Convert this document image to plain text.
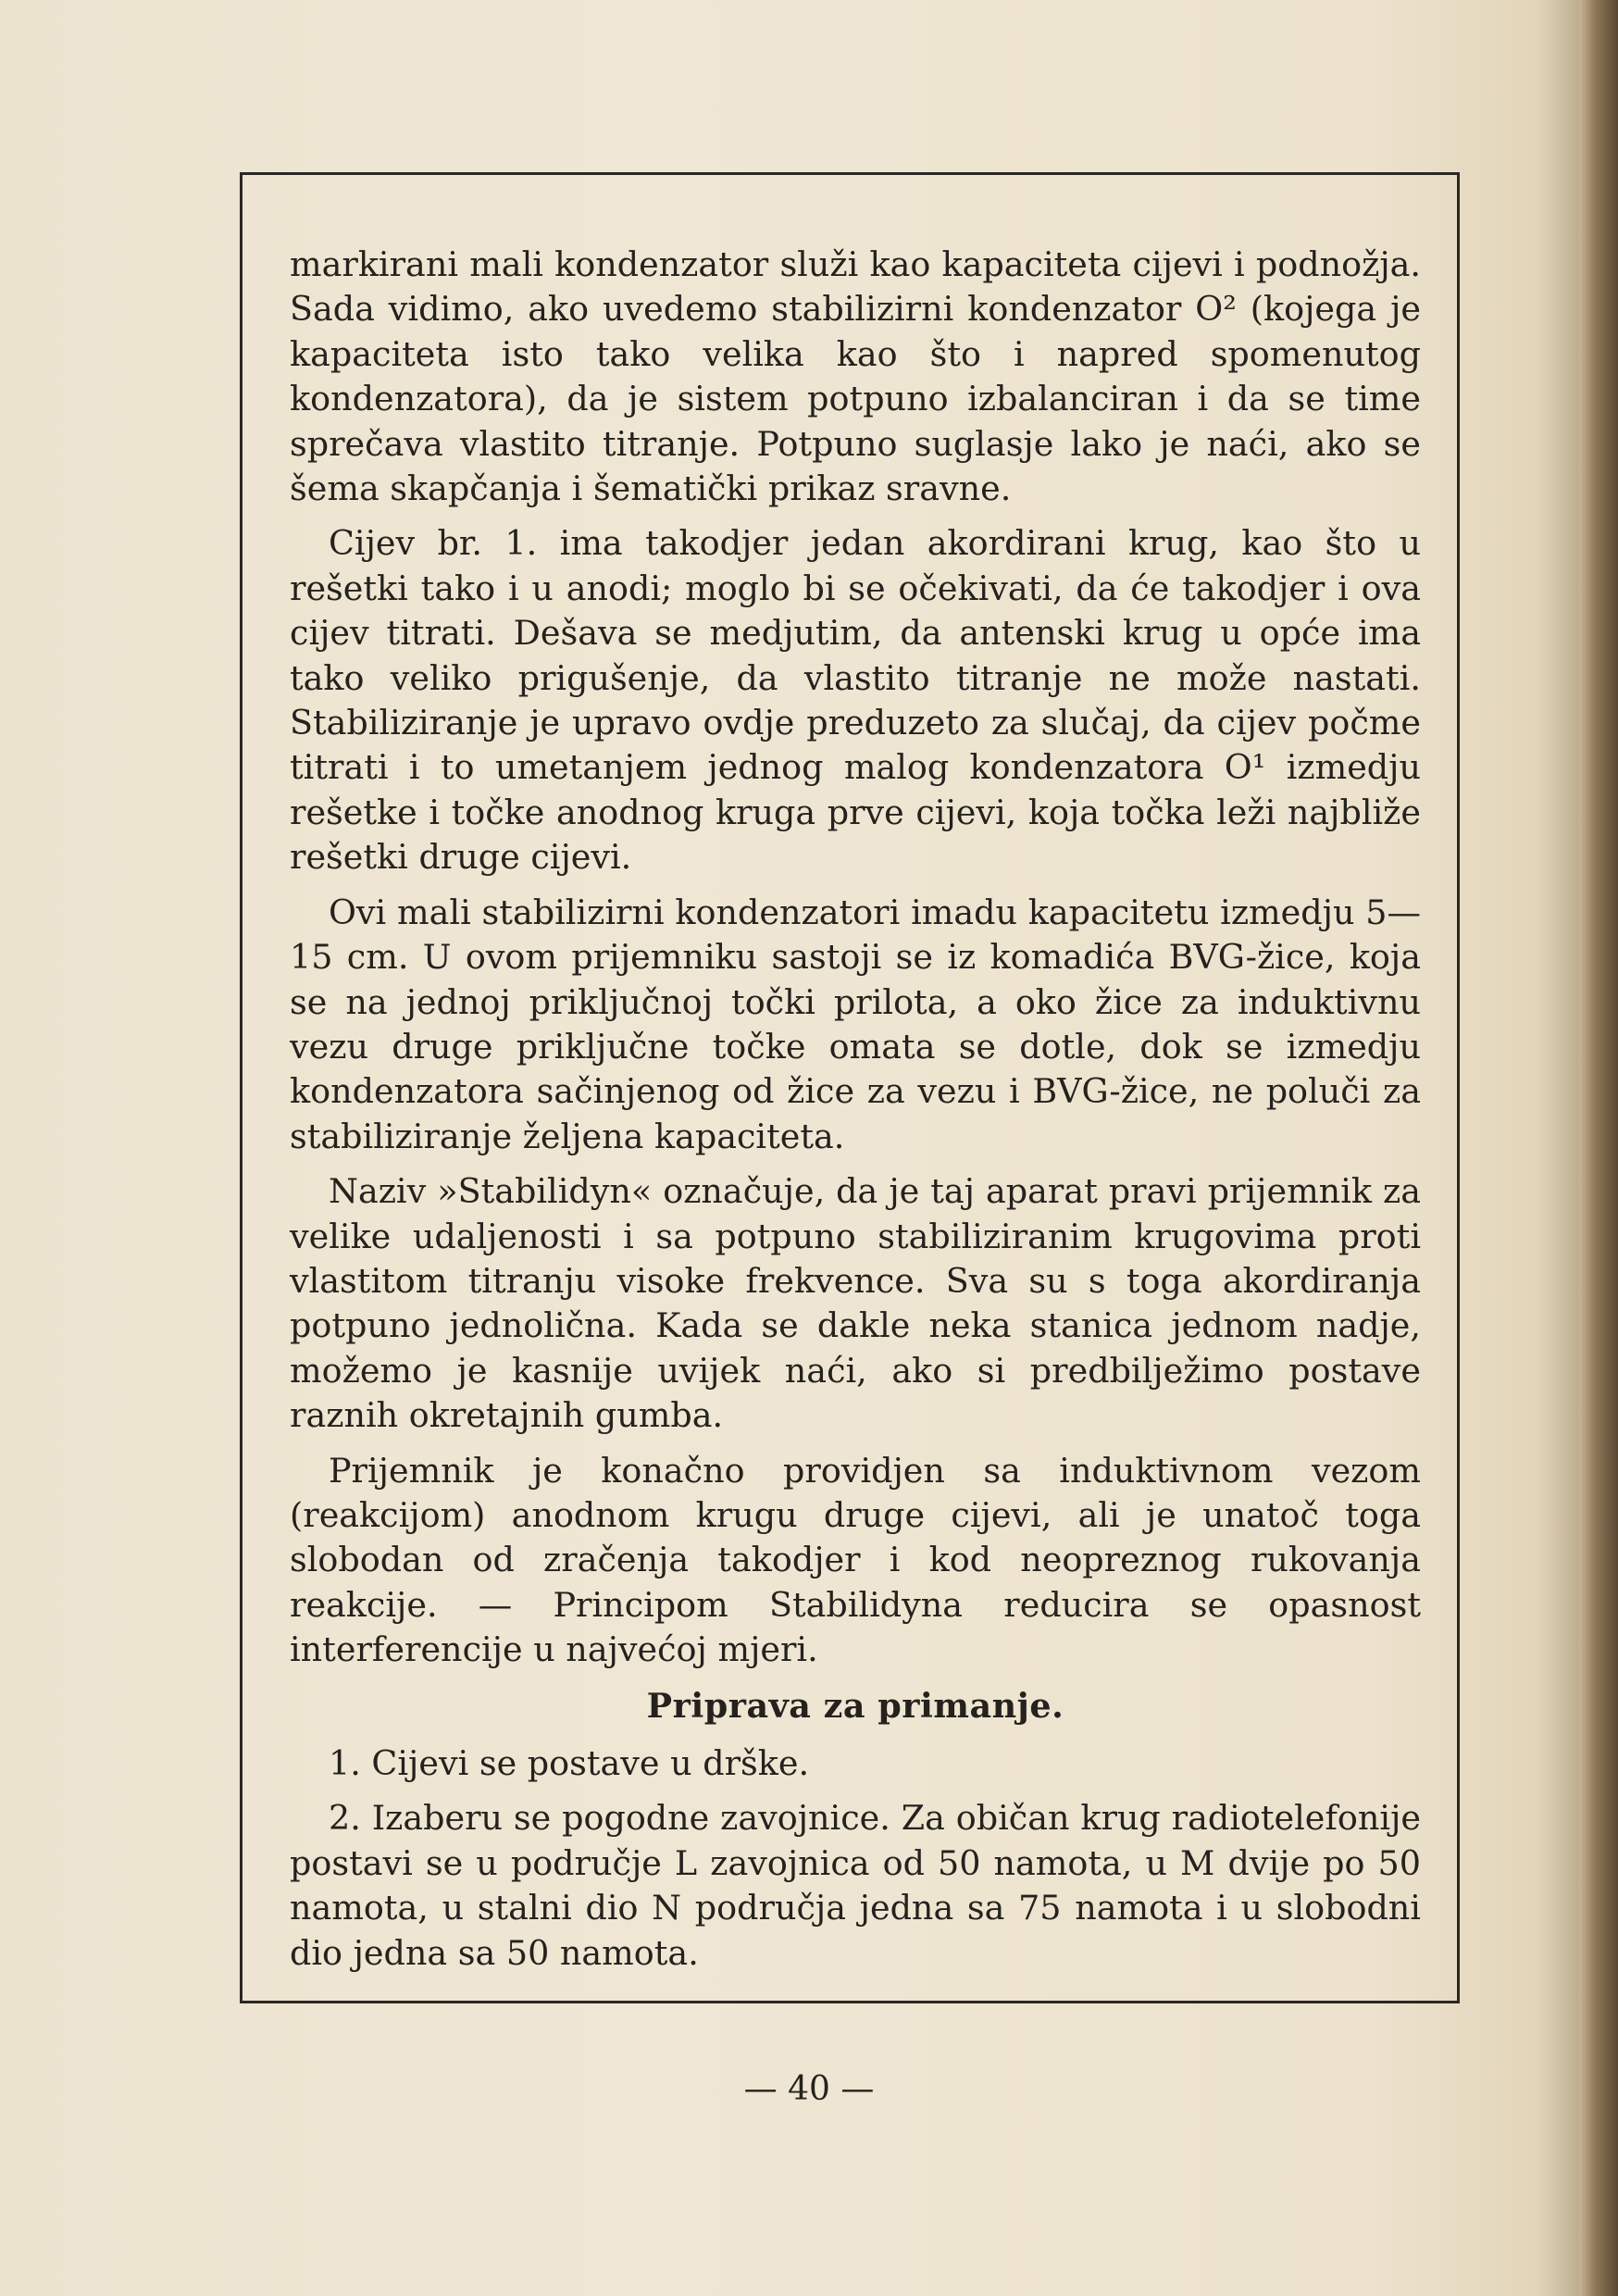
markirani mali kondenzator služi kao kapaciteta cijevi i podnožja. Sada vidimo, ako uvedemo stabilizirni kondenzator O² (kojega je kapaciteta isto tako velika kao što i napred spomenutog kondenzatora), da je sistem potpuno izbalanciran i da se time sprečava vlastito titranje. Potpuno suglasje lako je naći, ako se šema skapčanja i šematički prikaz sravne.

Cijev br. 1. ima takodjer jedan akordirani krug, kao što u rešetki tako i u anodi; moglo bi se očekivati, da će takodjer i ova cijev titrati. Dešava se medjutim, da antenski krug u opće ima tako veliko prigušenje, da vlastito titranje ne može nastati. Stabiliziranje je upravo ovdje preduzeto za slučaj, da cijev počme titrati i to umetanjem jednog malog kondenzatora O¹ izmedju rešetke i točke anodnog kruga prve cijevi, koja točka leži najbliže rešetki druge cijevi.

Ovi mali stabilizirni kondenzatori imadu kapacitetu izmedju 5—15 cm. U ovom prijemniku sastoji se iz komadića BVG-žice, koja se na jednoj priključnoj točki prilota, a oko žice za induktivnu vezu druge priključne točke omata se dotle, dok se izmedju kondenzatora sačinjenog od žice za vezu i BVG-žice, ne poluči za stabiliziranje željena kapaciteta.

Naziv »Stabilidyn« označuje, da je taj aparat pravi prijemnik za velike udaljenosti i sa potpuno stabiliziranim krugovima proti vlastitom titranju visoke frekvence. Sva su s toga akordiranja potpuno jednolična. Kada se dakle neka stanica jednom nadje, možemo je kasnije uvijek naći, ako si predbilježimo postave raznih okretajnih gumba.

Prijemnik je konačno providjen sa induktivnom vezom (reakcijom) anodnom krugu druge cijevi, ali je unatoč toga slobodan od zračenja takodjer i kod neopreznog rukovanja reakcije. — Principom Stabilidyna reducira se opasnost interferencije u najvećoj mjeri.

Priprava za primanje.

1. Cijevi se postave u drške.

2. Izaberu se pogodne zavojnice. Za običan krug radiotelefonije postavi se u područje L zavojnica od 50 namota, u M dvije po 50 namota, u stalni dio N područja jedna sa 75 namota i u slobodni dio jedna sa 50 namota.

— 40 —
